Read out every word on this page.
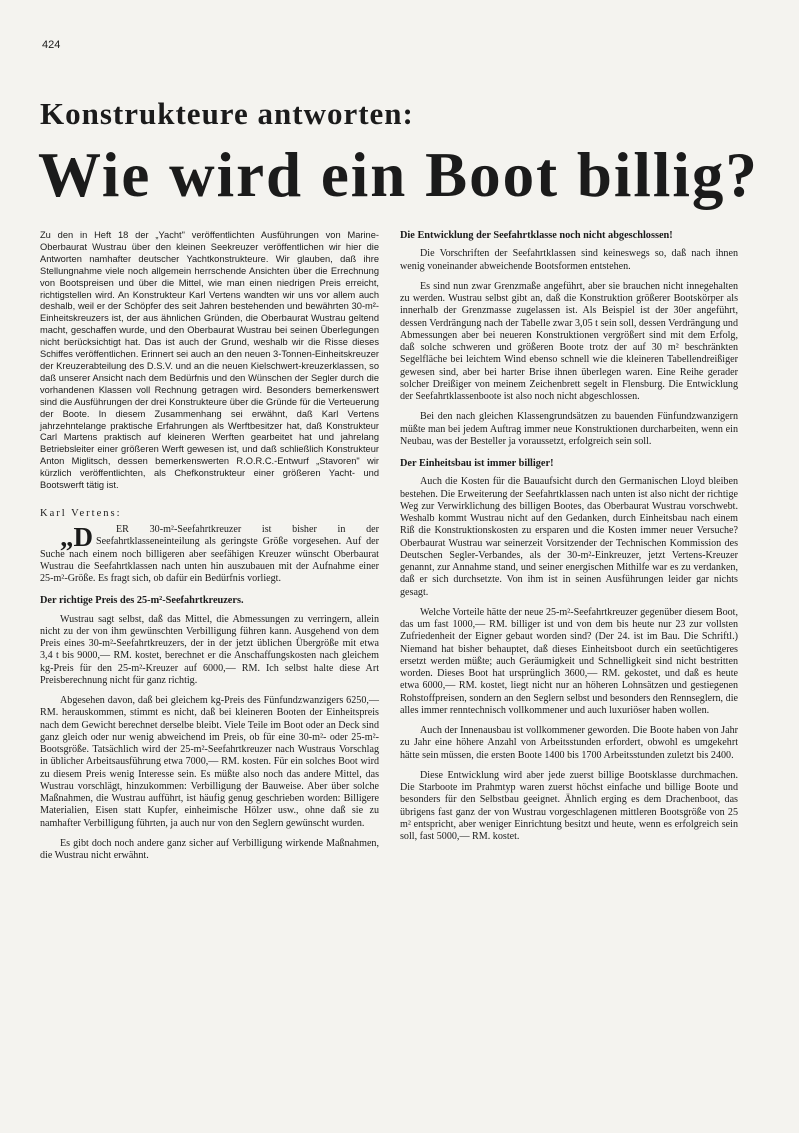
424
Konstrukteure antworten:
Wie wird ein Boot billig?

Zu den in Heft 18 der „Yacht" veröffentlichten Ausführungen von Marine-Oberbaurat Wustrau über den kleinen Seekreuzer veröffentlichen wir hier die Antworten namhafter deutscher Yachtkonstrukteure. Wir glauben, daß ihre Stellungnahme viele noch allgemein herrschende Ansichten über die Errechnung von Bootspreisen und über die Mittel, wie man einen niedrigen Preis erreicht, richtigstellen wird. An Konstrukteur Karl Vertens wandten wir uns vor allem auch deshalb, weil er der Schöpfer des seit Jahren bestehenden und bewährten 30-m²-Einheitskreuzers ist, der aus ähnlichen Gründen, die Oberbaurat Wustrau geltend macht, geschaffen wurde, und den Oberbaurat Wustrau bei seinen Überlegungen nicht berücksichtigt hat. Das ist auch der Grund, weshalb wir die Risse dieses Schiffes veröffentlichen. Erinnert sei auch an den neuen 3-Tonnen-Einheitskreuzer der Kreuzerabteilung des D.S.V. und an die neuen Kielschwert-kreuzerklassen, so daß unserer Ansicht nach dem Bedürfnis und den Wünschen der Segler durch die vorhandenen Klassen voll Rechnung getragen wird. Besonders bemerkenswert sind die Ausführungen der drei Konstrukteure über die Gründe für die Verteuerung der Boote. In diesem Zusammenhang sei erwähnt, daß Karl Vertens jahrzehntelange praktische Erfahrungen als Werftbesitzer hat, daß Konstrukteur Carl Martens praktisch auf kleineren Werften gearbeitet hat und jahrelang Betriebsleiter einer größeren Werft gewesen ist, und daß schließlich Konstrukteur Anton Miglitsch, dessen bemerkenswerten R.O.R.C.-Entwurf „Stavoren" wir kürzlich veröffentlichten, als Chefkonstrukteur einer größeren Yacht- und Bootswerft tätig ist.

Karl Vertens:

„D ER 30-m²-Seefahrtkreuzer ist bisher in der Seefahrtklasseneinteilung als geringste Größe vorgesehen. Auf der Suche nach einem noch billigeren aber seefähigen Kreuzer wünscht Oberbaurat Wustrau die Seefahrtklassen nach unten hin auszubauen mit der Aufnahme einer 25-m²-Größe. Es fragt sich, ob dafür ein Bedürfnis vorliegt.

Der richtige Preis des 25-m²-Seefahrtkreuzers.

Wustrau sagt selbst, daß das Mittel, die Abmessungen zu verringern, allein nicht zu der von ihm gewünschten Verbilligung führen kann. Ausgehend von dem Preis eines 30-m²-Seefahrtkreuzers, der in der jetzt üblichen Übergröße mit etwa 3,4 t bis 9000,— RM. kostet, berechnet er die Anschaffungskosten nach gleichem kg-Preis für den 25-m²-Kreuzer auf 6000,— RM. Ich selbst halte diese Art Preisberechnung nicht für ganz richtig.

Abgesehen davon, daß bei gleichem kg-Preis des Fünfundzwanzigers 6250,— RM. herauskommen, stimmt es nicht, daß bei kleineren Booten der Einheitspreis nach dem Gewicht berechnet derselbe bleibt. Viele Teile im Boot oder an Deck sind ganz gleich oder nur wenig abweichend im Preis, ob für eine 30-m²- oder 25-m²-Bootsgröße. Tatsächlich wird der 25-m²-Seefahrtkreuzer nach Wustraus Vorschlag in üblicher Arbeitsausführung etwa 7000,— RM. kosten. Für ein solches Boot wird zu diesem Preis wenig Interesse sein. Es müßte also noch das andere Mittel, das Wustrau vorschlägt, hinzukommen: Verbilligung der Bauweise. Aber über solche Maßnahmen, die Wustrau aufführt, ist häufig genug geschrieben worden: Billigere Materialien, Eisen statt Kupfer, einheimische Hölzer usw., ohne daß sie zu namhafter Verbilligung führten, ja auch nur von den Seglern gewünscht wurden.

Es gibt doch noch andere ganz sicher auf Verbilligung wirkende Maßnahmen, die Wustrau nicht erwähnt.

Die Entwicklung der Seefahrtklasse noch nicht abgeschlossen!

Die Vorschriften der Seefahrtklassen sind keineswegs so, daß nach ihnen wenig voneinander abweichende Bootsformen entstehen.

Es sind nun zwar Grenzmaße angeführt, aber sie brauchen nicht innegehalten zu werden. Wustrau selbst gibt an, daß die Konstruktion größerer Bootskörper als innerhalb der Grenzmasse zugelassen ist. Als Beispiel ist der 30er angeführt, dessen Verdrängung nach der Tabelle zwar 3,05 t sein soll, dessen Verdrängung und Abmessungen aber bei neueren Konstruktionen vergrößert sind mit dem Erfolg, daß solche schweren und größeren Boote trotz der auf 30 m² beschränkten Segelfläche bei leichtem Wind ebenso schnell wie die kleineren Tabellendreißiger gewesen sind, aber bei harter Brise ihnen überlegen waren. Eine Reihe gerader solcher Dreißiger von meinem Zeichenbrett segelt in Flensburg. Die Entwicklung der Seefahrtklassenboote ist also noch nicht abgeschlossen.

Bei den nach gleichen Klassengrundsätzen zu bauenden Fünfundzwanzigern müßte man bei jedem Auftrag immer neue Konstruktionen durcharbeiten, wenn ein Neubau, was der Besteller ja voraussetzt, erfolgreich sein soll.

Der Einheitsbau ist immer billiger!

Auch die Kosten für die Bauaufsicht durch den Germanischen Lloyd bleiben bestehen. Die Erweiterung der Seefahrtklassen nach unten ist also nicht der richtige Weg zur Verwirklichung des billigen Bootes, das Oberbaurat Wustrau vorschwebt. Weshalb kommt Wustrau nicht auf den Gedanken, durch Einheitsbau nach einem Riß die Konstruktionskosten zu ersparen und die Kosten immer neuer Versuche? Oberbaurat Wustrau war seinerzeit Vorsitzender der Technischen Kommission des Deutschen Segler-Verbandes, als der 30-m²-Einkreuzer, jetzt Vertens-Kreuzer genannt, zur Annahme stand, und seiner energischen Mithilfe war es zu verdanken, daß er sich durchsetzte. Von ihm ist in seinen Ausführungen leider gar nichts gesagt.

Welche Vorteile hätte der neue 25-m²-Seefahrtkreuzer gegenüber diesem Boot, das um fast 1000,— RM. billiger ist und von dem bis heute nur 23 zur vollsten Zufriedenheit der Eigner gebaut worden sind? (Der 24. ist im Bau. Die Schriftl.) Niemand hat bisher behauptet, daß dieses Einheitsboot durch ein seetüchtigeres ersetzt werden müßte; auch Geräumigkeit und Schnelligkeit sind nicht bestritten worden. Dieses Boot hat ursprünglich 3600,— RM. gekostet, und daß es heute etwa 6000,— RM. kostet, liegt nicht nur an höheren Lohnsätzen und gestiegenen Rohstoffpreisen, sondern an den Seglern selbst und besonders den Rennseglern, die alles immer renntechnisch vollkommener und auch luxuriöser haben wollen.

Auch der Innenausbau ist vollkommener geworden. Die Boote haben von Jahr zu Jahr eine höhere Anzahl von Arbeitsstunden erfordert, obwohl es umgekehrt hätte sein müssen, die ersten Boote 1400 bis 1700 Arbeitsstunden zuletzt bis 2400.

Diese Entwicklung wird aber jede zuerst billige Bootsklasse durchmachen. Die Starboote im Prahmtyp waren zuerst höchst einfache und billige Boote und besonders für den Selbstbau geeignet. Ähnlich erging es dem Drachenboot, das übrigens fast ganz der von Wustrau vorgeschlagenen mittleren Bootsgröße von 25 m² entspricht, aber weniger Einrichtung besitzt und heute, wenn es erfolgreich sein soll, fast 5000,— RM. kostet.
